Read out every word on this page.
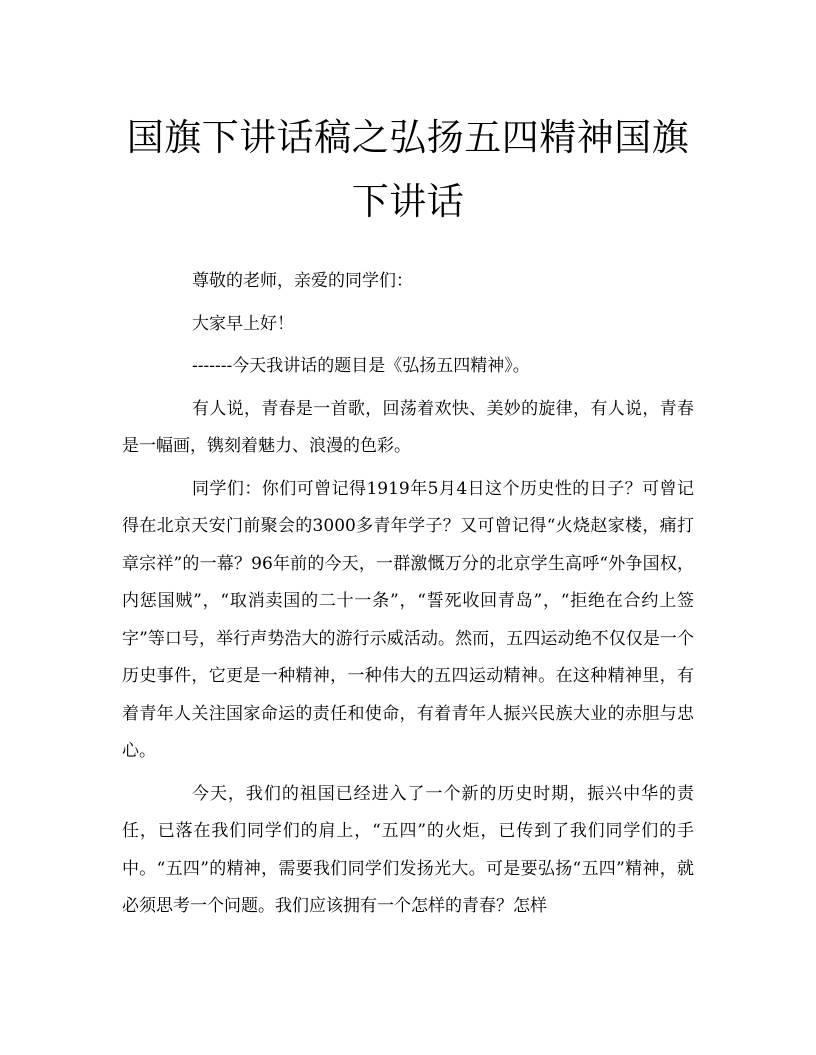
国旗下讲话稿之弘扬五四精神国旗下讲话

尊敬的老师，亲爱的同学们：

大家早上好！

-------今天我讲话的题目是《弘扬五四精神》。

有人说，青春是一首歌，回荡着欢快、美妙的旋律，有人说，青春是一幅画，镌刻着魅力、浪漫的色彩。

同学们：你们可曾记得1919年5月4日这个历史性的日子？可曾记得在北京天安门前聚会的3000多青年学子？又可曾记得“火烧赵家楼，痛打章宗祥”的一幕？96年前的今天，一群激慨万分的北京学生高呼“外争国权，内惩国贼”，“取消卖国的二十一条”，“誓死收回青岛”，“拒绝在合约上签字”等口号，举行声势浩大的游行示威活动。然而，五四运动绝不仅仅是一个历史事件，它更是一种精神，一种伟大的五四运动精神。在这种精神里，有着青年人关注国家命运的责任和使命，有着青年人振兴民族大业的赤胆与忠心。

今天，我们的祖国已经进入了一个新的历史时期，振兴中华的责任，已落在我们同学们的肩上，“五四”的火炬，已传到了我们同学们的手中。“五四”的精神，需要我们同学们发扬光大。可是要弘扬“五四”精神，就必须思考一个问题。我们应该拥有一个怎样的青春？怎样
